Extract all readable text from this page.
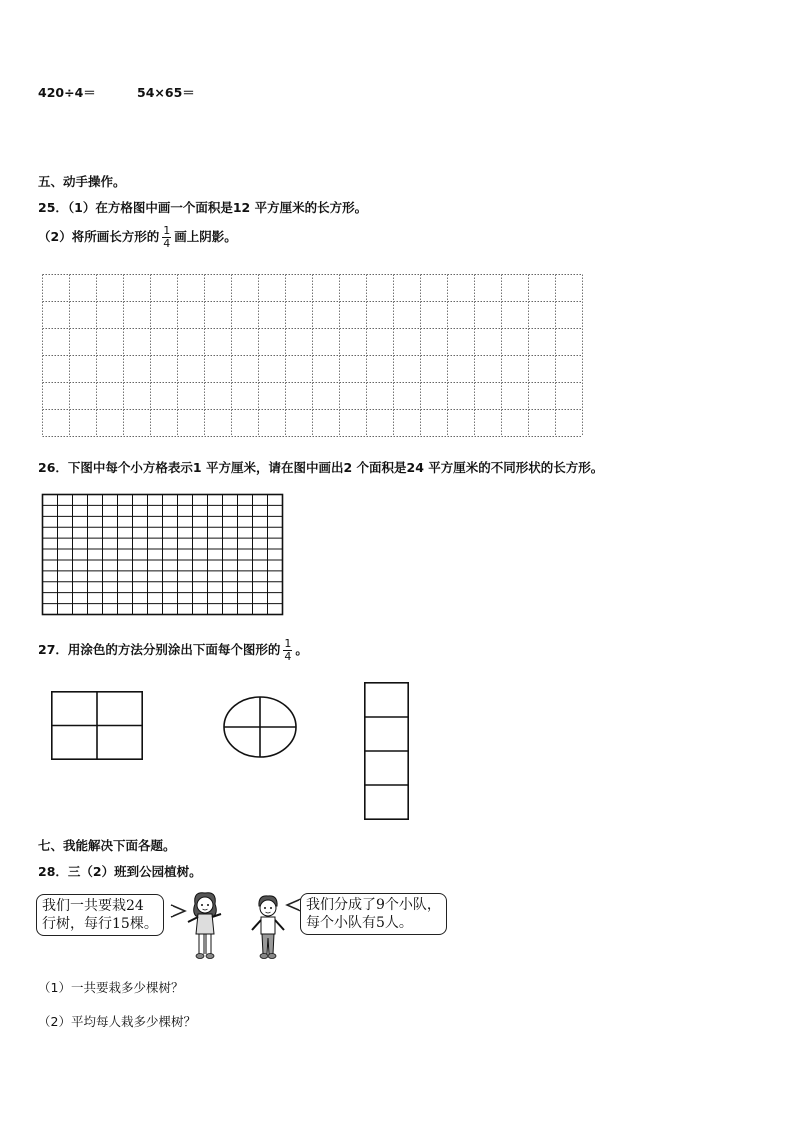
420÷4＝	54×65＝
五、动手操作。
25．（1）在方格图中画一个面积是12 平方厘米的长方形。
（2）将所画长方形的 $\frac{1}{4}$ 画上阴影。
26．下图中每个小方格表示1 平方厘米，请在图中画出2 个面积是24 平方厘米的不同形状的长方形。
27．用涂色的方法分别涂出下面每个图形的 $\frac{1}{4}$ 。
七、我能解决下面各题。
28．三（2）班到公园植树。
我们一共要栽24
行树，每行15棵。
我们分成了9个小队，
每个小队有5人。
（1）一共要栽多少棵树？
（2）平均每人栽多少棵树？
